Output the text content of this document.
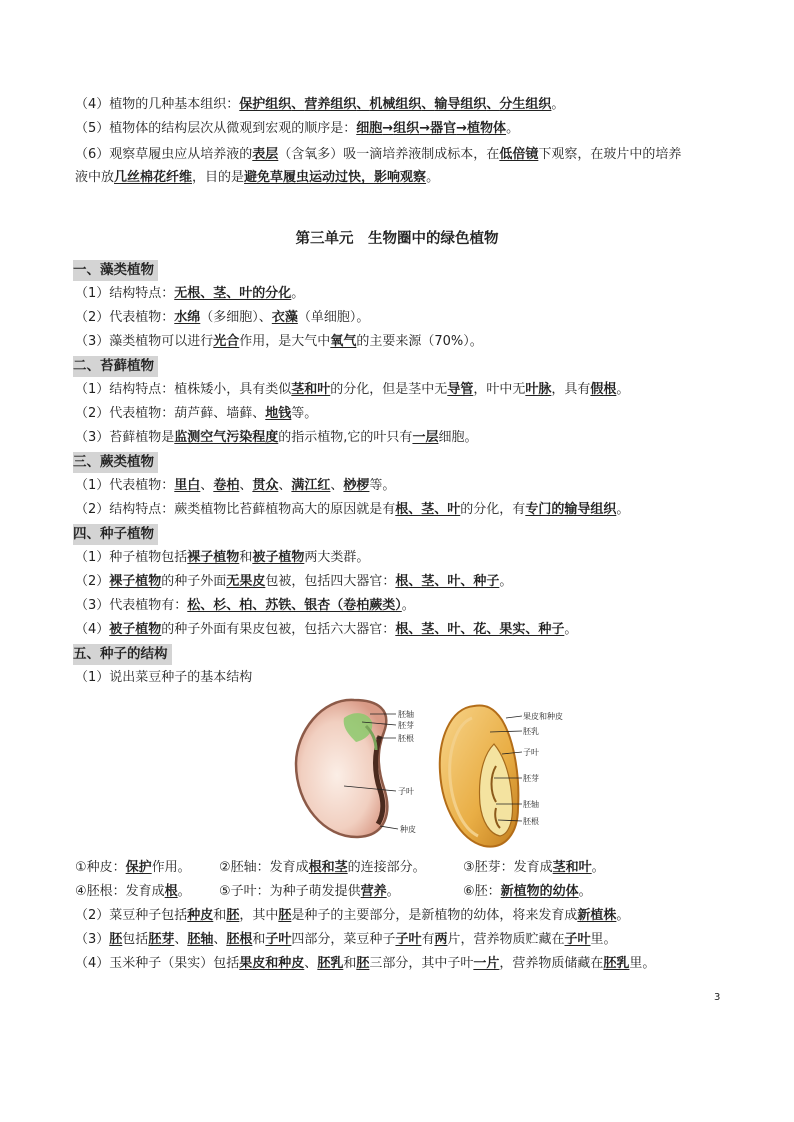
（4）植物的几种基本组织：保护组织、营养组织、机械组织、输导组织、分生组织。
（5）植物体的结构层次从微观到宏观的顺序是：细胞→组织→器官→植物体。
（6）观察草履虫应从培养液的表层（含氧多）吸一滴培养液制成标本，在低倍镜下观察，在玻片中的培养
液中放几丝棉花纤维，目的是避免草履虫运动过快，影响观察。
第三单元　生物圈中的绿色植物
一、藻类植物
（1）结构特点：无根、茎、叶的分化。
（2）代表植物：水绵（多细胞）、衣藻（单细胞）。
（3）藻类植物可以进行光合作用，是大气中氧气的主要来源（70%）。
二、苔藓植物
（1）结构特点：植株矮小，具有类似茎和叶的分化，但是茎中无导管，叶中无叶脉，具有假根。
（2）代表植物：葫芦藓、墙藓、地钱等。
（3）苔藓植物是监测空气污染程度的指示植物,它的叶只有一层细胞。
三、蕨类植物
（1）代表植物：里白、卷柏、贯众、满江红、桫椤等。
（2）结构特点：蕨类植物比苔藓植物高大的原因就是有根、茎、叶的分化，有专门的输导组织。
四、种子植物
（1）种子植物包括裸子植物和被子植物两大类群。
（2）裸子植物的种子外面无果皮包被，包括四大器官：根、茎、叶、种子。
（3）代表植物有：松、杉、柏、苏铁、银杏（卷柏蕨类）。
（4）被子植物的种子外面有果皮包被，包括六大器官：根、茎、叶、花、果实、种子。
五、种子的结构
（1）说出菜豆种子的基本结构
胚轴
胚芽
胚根
子叶
种皮
果皮和种皮
胚乳
子叶
胚芽
胚轴
胚根
①种皮：保护作用。 ②胚轴：发育成根和茎的连接部分。	③胚芽：发育成茎和叶。
④胚根：发育成根。 ⑤子叶：为种子萌发提供营养。	⑥胚：新植物的幼体。
（2）菜豆种子包括种皮和胚，其中胚是种子的主要部分，是新植物的幼体，将来发育成新植株。
（3）胚包括胚芽、胚轴、胚根和子叶四部分，菜豆种子子叶有两片，营养物质贮藏在子叶里。
（4）玉米种子（果实）包括果皮和种皮、胚乳和胚三部分，其中子叶一片，营养物质储藏在胚乳里。
3
